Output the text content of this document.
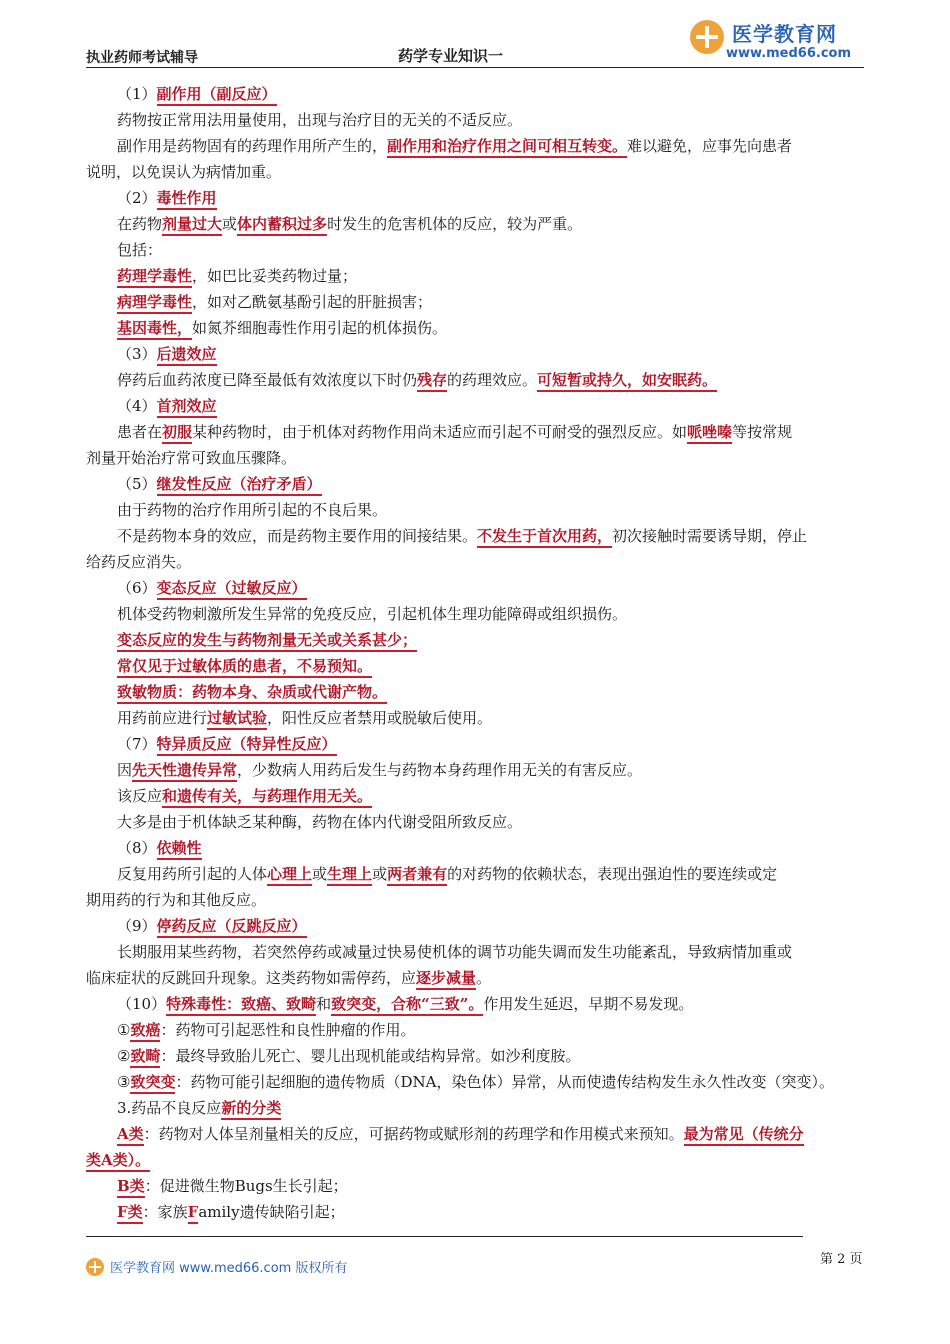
医学教育网
www.med66.com
执业药师考试辅导	药学专业知识一
（1）副作用（副反应）
药物按正常用法用量使用，出现与治疗目的无关的不适反应。
副作用是药物固有的药理作用所产生的，副作用和治疗作用之间可相互转变。难以避免，应事先向患者
说明，以免误认为病情加重。
（2）毒性作用
在药物剂量过大或体内蓄积过多时发生的危害机体的反应，较为严重。
包括：
药理学毒性，如巴比妥类药物过量；
病理学毒性，如对乙酰氨基酚引起的肝脏损害；
基因毒性，如氮芥细胞毒性作用引起的机体损伤。
（3）后遗效应
停药后血药浓度已降至最低有效浓度以下时仍残存的药理效应。可短暂或持久，如安眠药。
（4）首剂效应
患者在初服某种药物时，由于机体对药物作用尚未适应而引起不可耐受的强烈反应。如哌唑嗪等按常规
剂量开始治疗常可致血压骤降。
（5）继发性反应（治疗矛盾）
由于药物的治疗作用所引起的不良后果。
不是药物本身的效应，而是药物主要作用的间接结果。不发生于首次用药，初次接触时需要诱导期，停止
给药反应消失。
（6）变态反应（过敏反应）
机体受药物刺激所发生异常的免疫反应，引起机体生理功能障碍或组织损伤。
变态反应的发生与药物剂量无关或关系甚少；
常仅见于过敏体质的患者，不易预知。
致敏物质：药物本身、杂质或代谢产物。
用药前应进行过敏试验，阳性反应者禁用或脱敏后使用。
（7）特异质反应（特异性反应）
因先天性遗传异常，少数病人用药后发生与药物本身药理作用无关的有害反应。
该反应和遗传有关，与药理作用无关。
大多是由于机体缺乏某种酶，药物在体内代谢受阻所致反应。
（8）依赖性
反复用药所引起的人体心理上或生理上或两者兼有的对药物的依赖状态，表现出强迫性的要连续或定
期用药的行为和其他反应。
（9）停药反应（反跳反应）
长期服用某些药物，若突然停药或减量过快易使机体的调节功能失调而发生功能紊乱，导致病情加重或
临床症状的反跳回升现象。这类药物如需停药，应逐步减量。
（10）特殊毒性：致癌、致畸和致突变，合称“三致”。作用发生延迟，早期不易发现。
①致癌：药物可引起恶性和良性肿瘤的作用。
②致畸：最终导致胎儿死亡、婴儿出现机能或结构异常。如沙利度胺。
③致突变：药物可能引起细胞的遗传物质（DNA，染色体）异常，从而使遗传结构发生永久性改变（突变）。
3.药品不良反应新的分类
A类：药物对人体呈剂量相关的反应，可据药物或赋形剂的药理学和作用模式来预知。最为常见（传统分
类A类）。
B类：促进微生物Bugs生长引起；
F类：家族Family遗传缺陷引起；
第 2 页
医学教育网 www.med66.com 版权所有
